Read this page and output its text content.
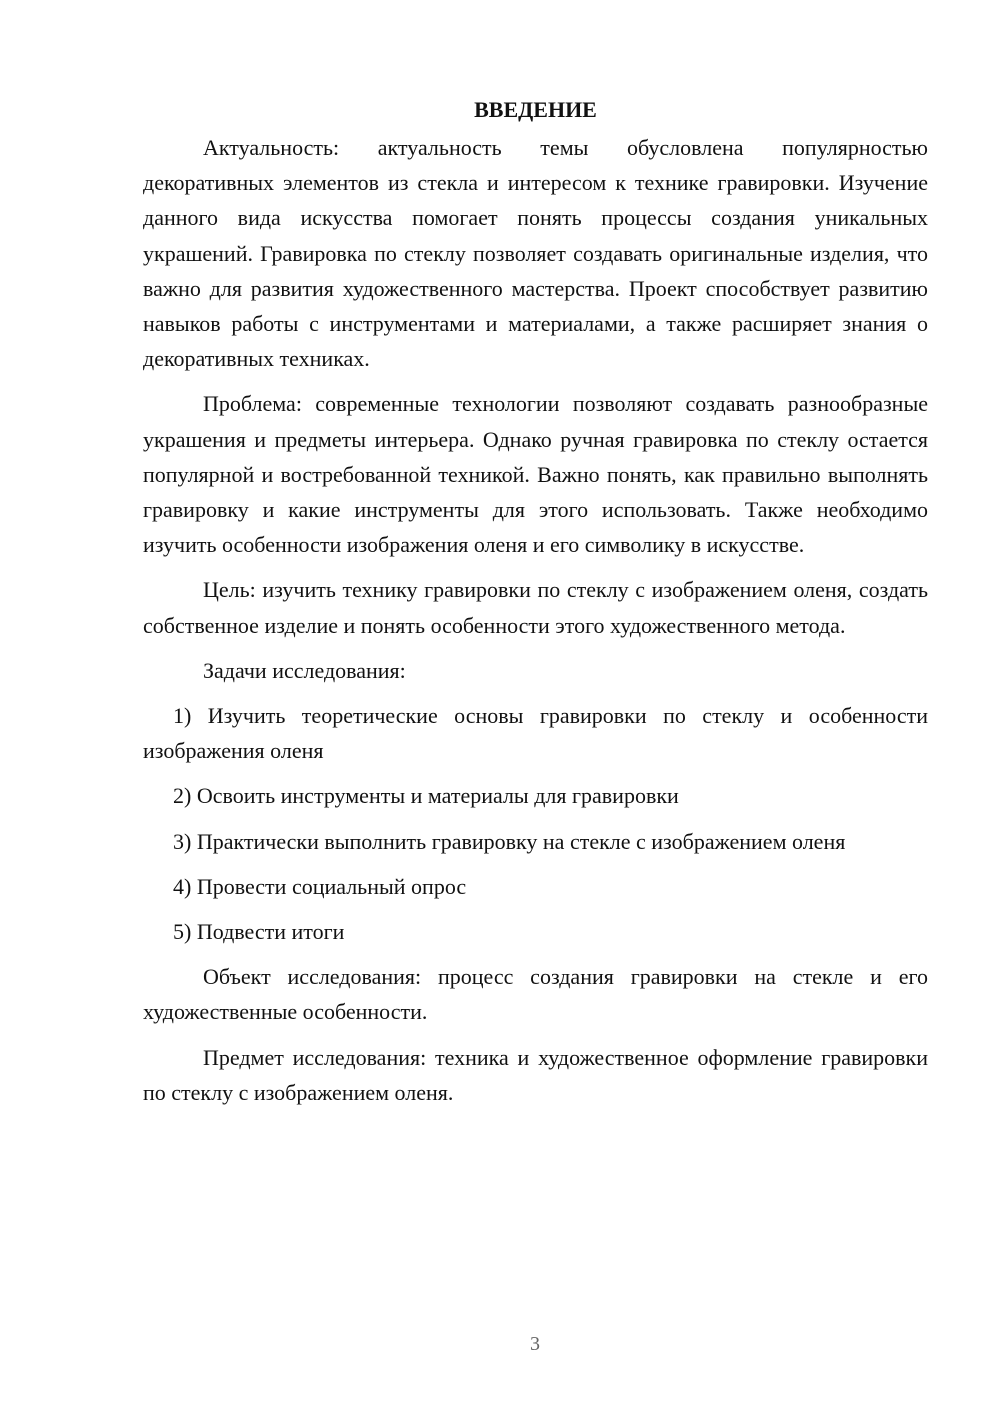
ВВЕДЕНИЕ

Актуальность: актуальность темы обусловлена популярностью декоративных элементов из стекла и интересом к технике гравировки. Изучение данного вида искусства помогает понять процессы создания уникальных украшений. Гравировка по стеклу позволяет создавать оригинальные изделия, что важно для развития художественного мастерства. Проект способствует развитию навыков работы с инструментами и материалами, а также расширяет знания о декоративных техниках.

Проблема: современные технологии позволяют создавать разнообразные украшения и предметы интерьера. Однако ручная гравировка по стеклу остается популярной и востребованной техникой. Важно понять, как правильно выполнять гравировку и какие инструменты для этого использовать. Также необходимо изучить особенности изображения оленя и его символику в искусстве.

Цель: изучить технику гравировки по стеклу с изображением оленя, создать собственное изделие и понять особенности этого художественного метода.

Задачи исследования:

1) Изучить теоретические основы гравировки по стеклу и особенности изображения оленя

2) Освоить инструменты и материалы для гравировки

3) Практически выполнить гравировку на стекле с изображением оленя

4) Провести социальный опрос

5) Подвести итоги

Объект исследования: процесс создания гравировки на стекле и его художественные особенности.

Предмет исследования: техника и художественное оформление гравировки по стеклу с изображением оленя.

3
